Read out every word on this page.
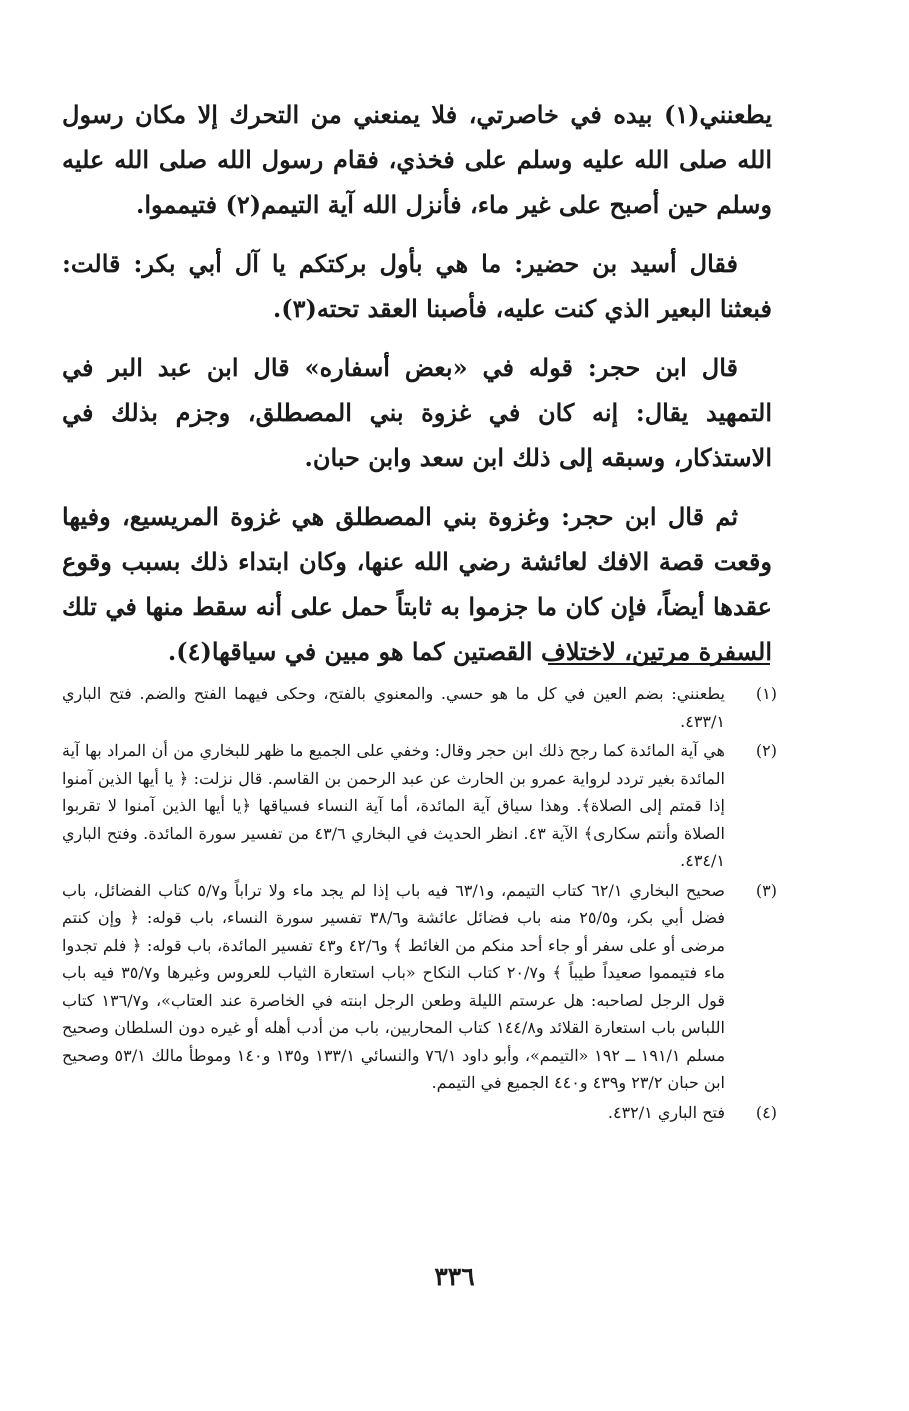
يطعنني(١) بيده في خاصرتي، فلا يمنعني من التحرك إلا مكان رسول الله صلى الله عليه وسلم على فخذي، فقام رسول الله صلى الله عليه وسلم حين أصبح على غير ماء، فأنزل الله آية التيمم(٢) فتيمموا.

فقال أسيد بن حضير: ما هي بأول بركتكم يا آل أبي بكر: قالت: فبعثنا البعير الذي كنت عليه، فأصبنا العقد تحته(٣).

قال ابن حجر: قوله في «بعض أسفاره» قال ابن عبد البر في التمهيد يقال: إنه كان في غزوة بني المصطلق، وجزم بذلك في الاستذكار، وسبقه إلى ذلك ابن سعد وابن حبان.

ثم قال ابن حجر: وغزوة بني المصطلق هي غزوة المريسيع، وفيها وقعت قصة الافك لعائشة رضي الله عنها، وكان ابتداء ذلك بسبب وقوع عقدها أيضاً، فإن كان ما جزموا به ثابتاً حمل على أنه سقط منها في تلك السفرة مرتين، لاختلاف القصتين كما هو مبين في سياقها(٤).

(١)
يطعنني: بضم العين في كل ما هو حسي. والمعنوي بالفتح، وحكى فيهما الفتح والضم. فتح الباري ٤٣٣/١.
(٢)
هي آية المائدة كما رجح ذلك ابن حجر وقال: وخفي على الجميع ما ظهر للبخاري من أن المراد بها آية المائدة بغير تردد لرواية عمرو بن الحارث عن عبد الرحمن بن القاسم. قال نزلت: ﴿ يا أيها الذين آمنوا إذا قمتم إلى الصلاة﴾. وهذا سياق آية المائدة، أما آية النساء فسياقها ﴿يا أيها الذين آمنوا لا تقربوا الصلاة وأنتم سكارى﴾ الآية ٤٣. انظر الحديث في البخاري ٤٣/٦ من تفسير سورة المائدة. وفتح الباري ٤٣٤/١.
(٣)
صحيح البخاري ٦٢/١ كتاب التيمم، و٦٣/١ فيه باب إذا لم يجد ماء ولا تراباً و٥/٧ كتاب الفضائل، باب فضل أبي بكر، و٢٥/٥ منه باب فضائل عائشة و٣٨/٦ تفسير سورة النساء، باب قوله: ﴿ وإن كنتم مرضى أو على سفر أو جاء أحد منكم من الغائط ﴾ و٤٢/٦ و٤٣ تفسير المائدة، باب قوله: ﴿ فلم تجدوا ماء فتيمموا صعيداً طيباً ﴾ و٢٠/٧ كتاب النكاح «باب استعارة الثياب للعروس وغيرها و٣٥/٧ فيه باب قول الرجل لصاحبه: هل عرستم الليلة وطعن الرجل ابنته في الخاصرة عند العتاب»، و١٣٦/٧ كتاب اللباس باب استعارة القلائد و١٤٤/٨ كتاب المحاربين، باب من أدب أهله أو غيره دون السلطان وصحيح مسلم ١٩١/١ ــ ١٩٢ «التيمم»، وأبو داود ٧٦/١ والنسائي ١٣٣/١ و١٣٥ و١٤٠ وموطأ مالك ٥٣/١ وصحيح ابن حبان ٢٣/٢ و٤٣٩ و٤٤٠ الجميع في التيمم.
(٤)
فتح الباري ٤٣٢/١.
٣٣٦
